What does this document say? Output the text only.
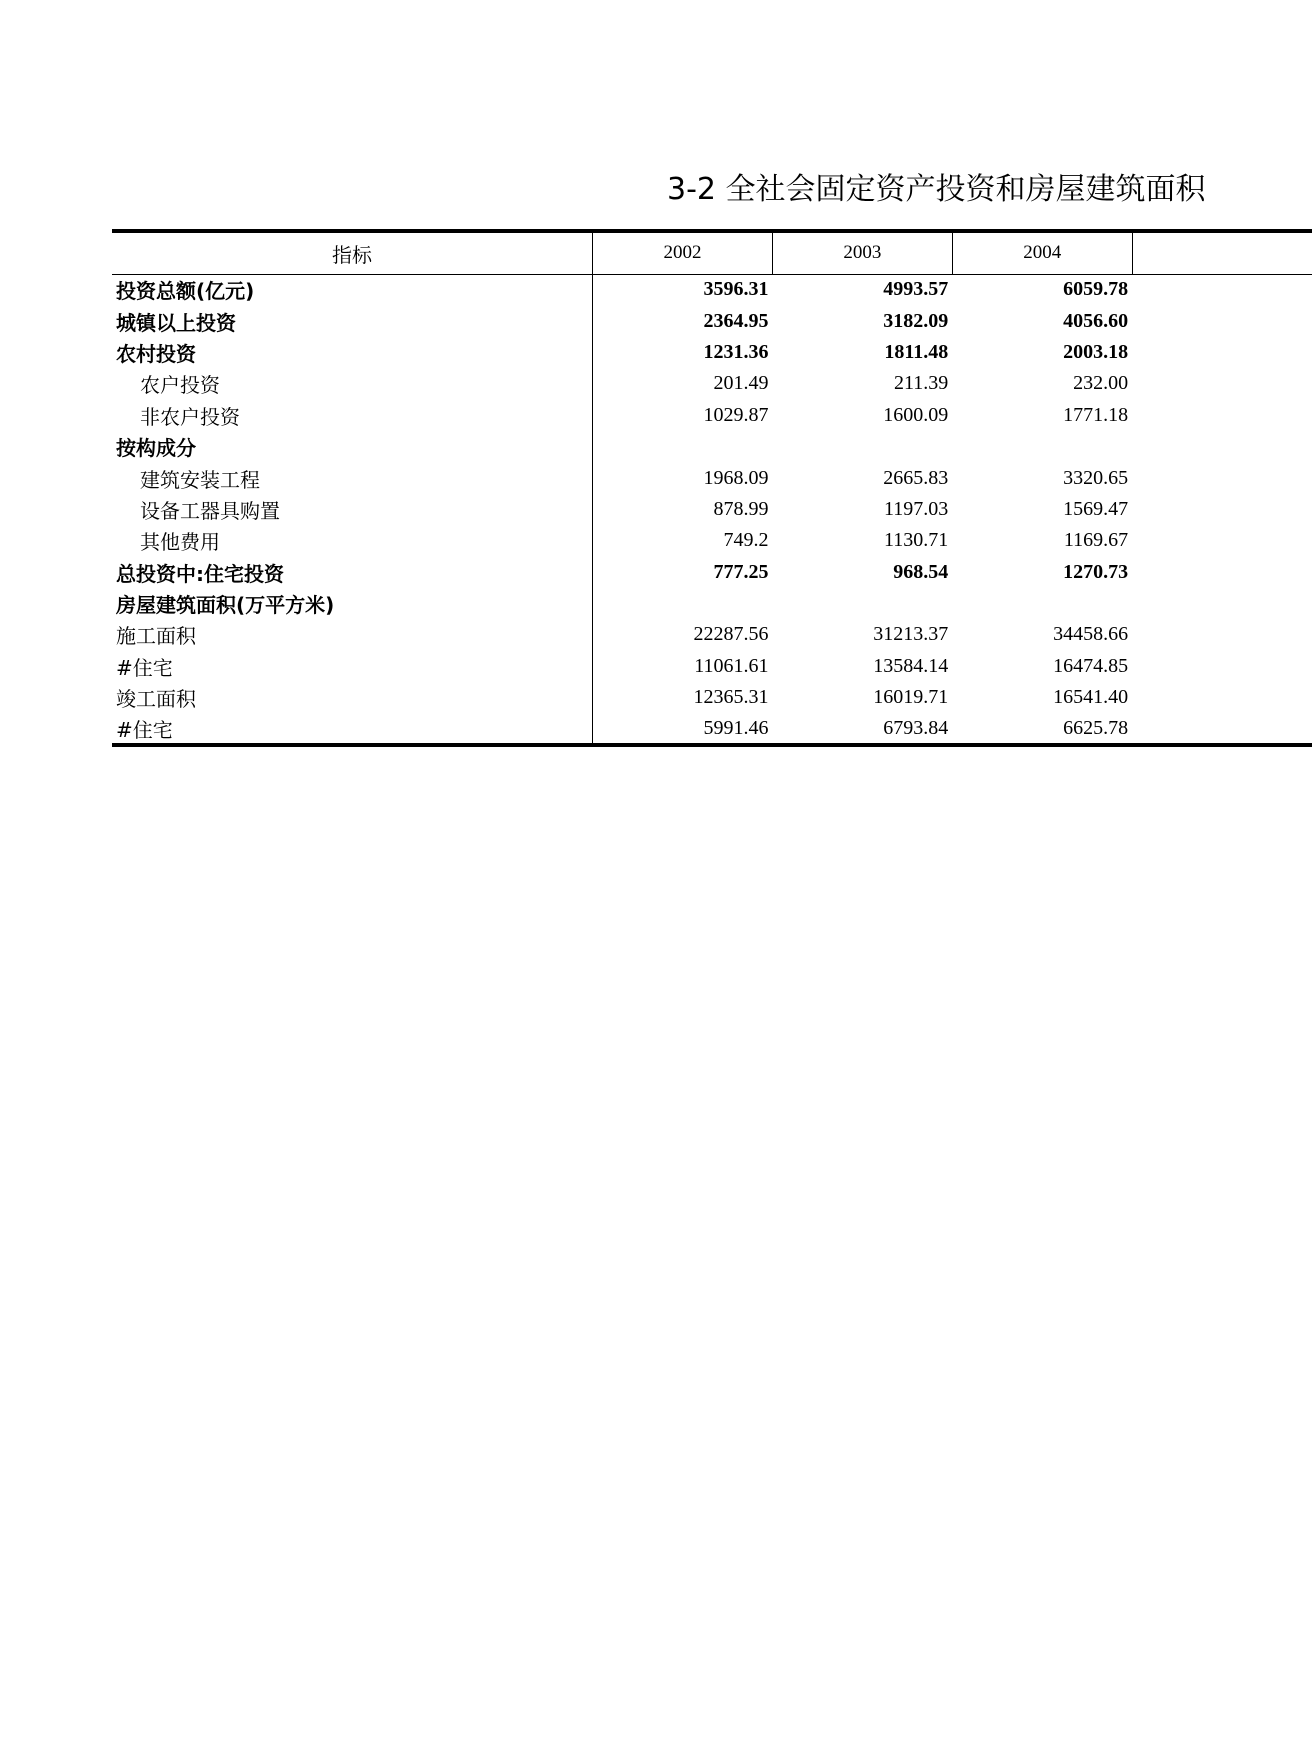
3-2 全社会固定资产投资和房屋建筑面积
指标	2002	2003	2004	
投资总额(亿元)	3596.31	4993.57	6059.78	
城镇以上投资	2364.95	3182.09	4056.60	
农村投资	1231.36	1811.48	2003.18	
农户投资	201.49	211.39	232.00	
非农户投资	1029.87	1600.09	1771.18	
按构成分				
建筑安装工程	1968.09	2665.83	3320.65	
设备工器具购置	878.99	1197.03	1569.47	
其他费用	749.2	1130.71	1169.67	
总投资中:住宅投资	777.25	968.54	1270.73	
房屋建筑面积(万平方米)				
施工面积	22287.56	31213.37	34458.66	
#住宅	11061.61	13584.14	16474.85	
竣工面积	12365.31	16019.71	16541.40	
#住宅	5991.46	6793.84	6625.78	
